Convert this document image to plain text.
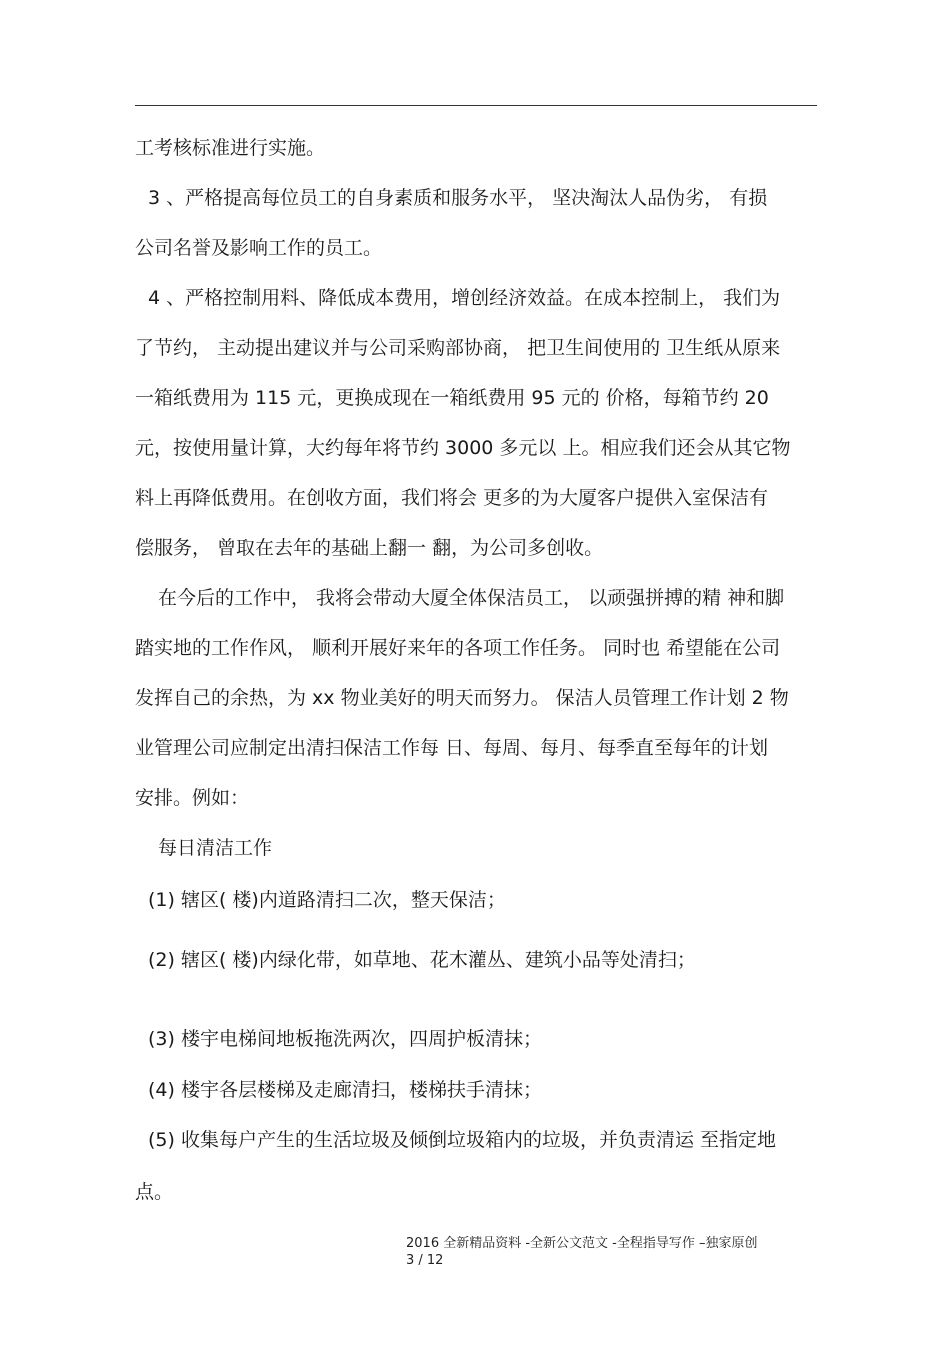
工考核标准进行实施。
3 、严格提高每位员工的自身素质和服务水平， 坚决淘汰人品伪劣， 有损
公司名誉及影响工作的员工。
4 、严格控制用料、降低成本费用，增创经济效益。在成本控制上， 我们为
了节约， 主动提出建议并与公司采购部协商， 把卫生间使用的 卫生纸从原来
一箱纸费用为 115 元，更换成现在一箱纸费用 95 元的 价格，每箱节约 20
元，按使用量计算，大约每年将节约 3000 多元以 上。相应我们还会从其它物
料上再降低费用。在创收方面，我们将会 更多的为大厦客户提供入室保洁有
偿服务， 曾取在去年的基础上翻一 翻，为公司多创收。
在今后的工作中， 我将会带动大厦全体保洁员工， 以顽强拼搏的精 神和脚
踏实地的工作作风， 顺利开展好来年的各项工作任务。 同时也 希望能在公司
发挥自己的余热，为 xx 物业美好的明天而努力。 保洁人员管理工作计划 2 物
业管理公司应制定出清扫保洁工作每 日、每周、每月、每季直至每年的计划
安排。例如：
每日清洁工作
(1) 辖区( 楼)内道路清扫二次，整天保洁；
(2) 辖区( 楼)内绿化带，如草地、花木灌丛、建筑小品等处清扫；
(3) 楼宇电梯间地板拖洗两次，四周护板清抹；
(4) 楼宇各层楼梯及走廊清扫，楼梯扶手清抹；
(5) 收集每户产生的生活垃圾及倾倒垃圾箱内的垃圾，并负责清运 至指定地
点。
2016 全新精品资料 -全新公文范文 -全程指导写作 –独家原创
3 / 12
